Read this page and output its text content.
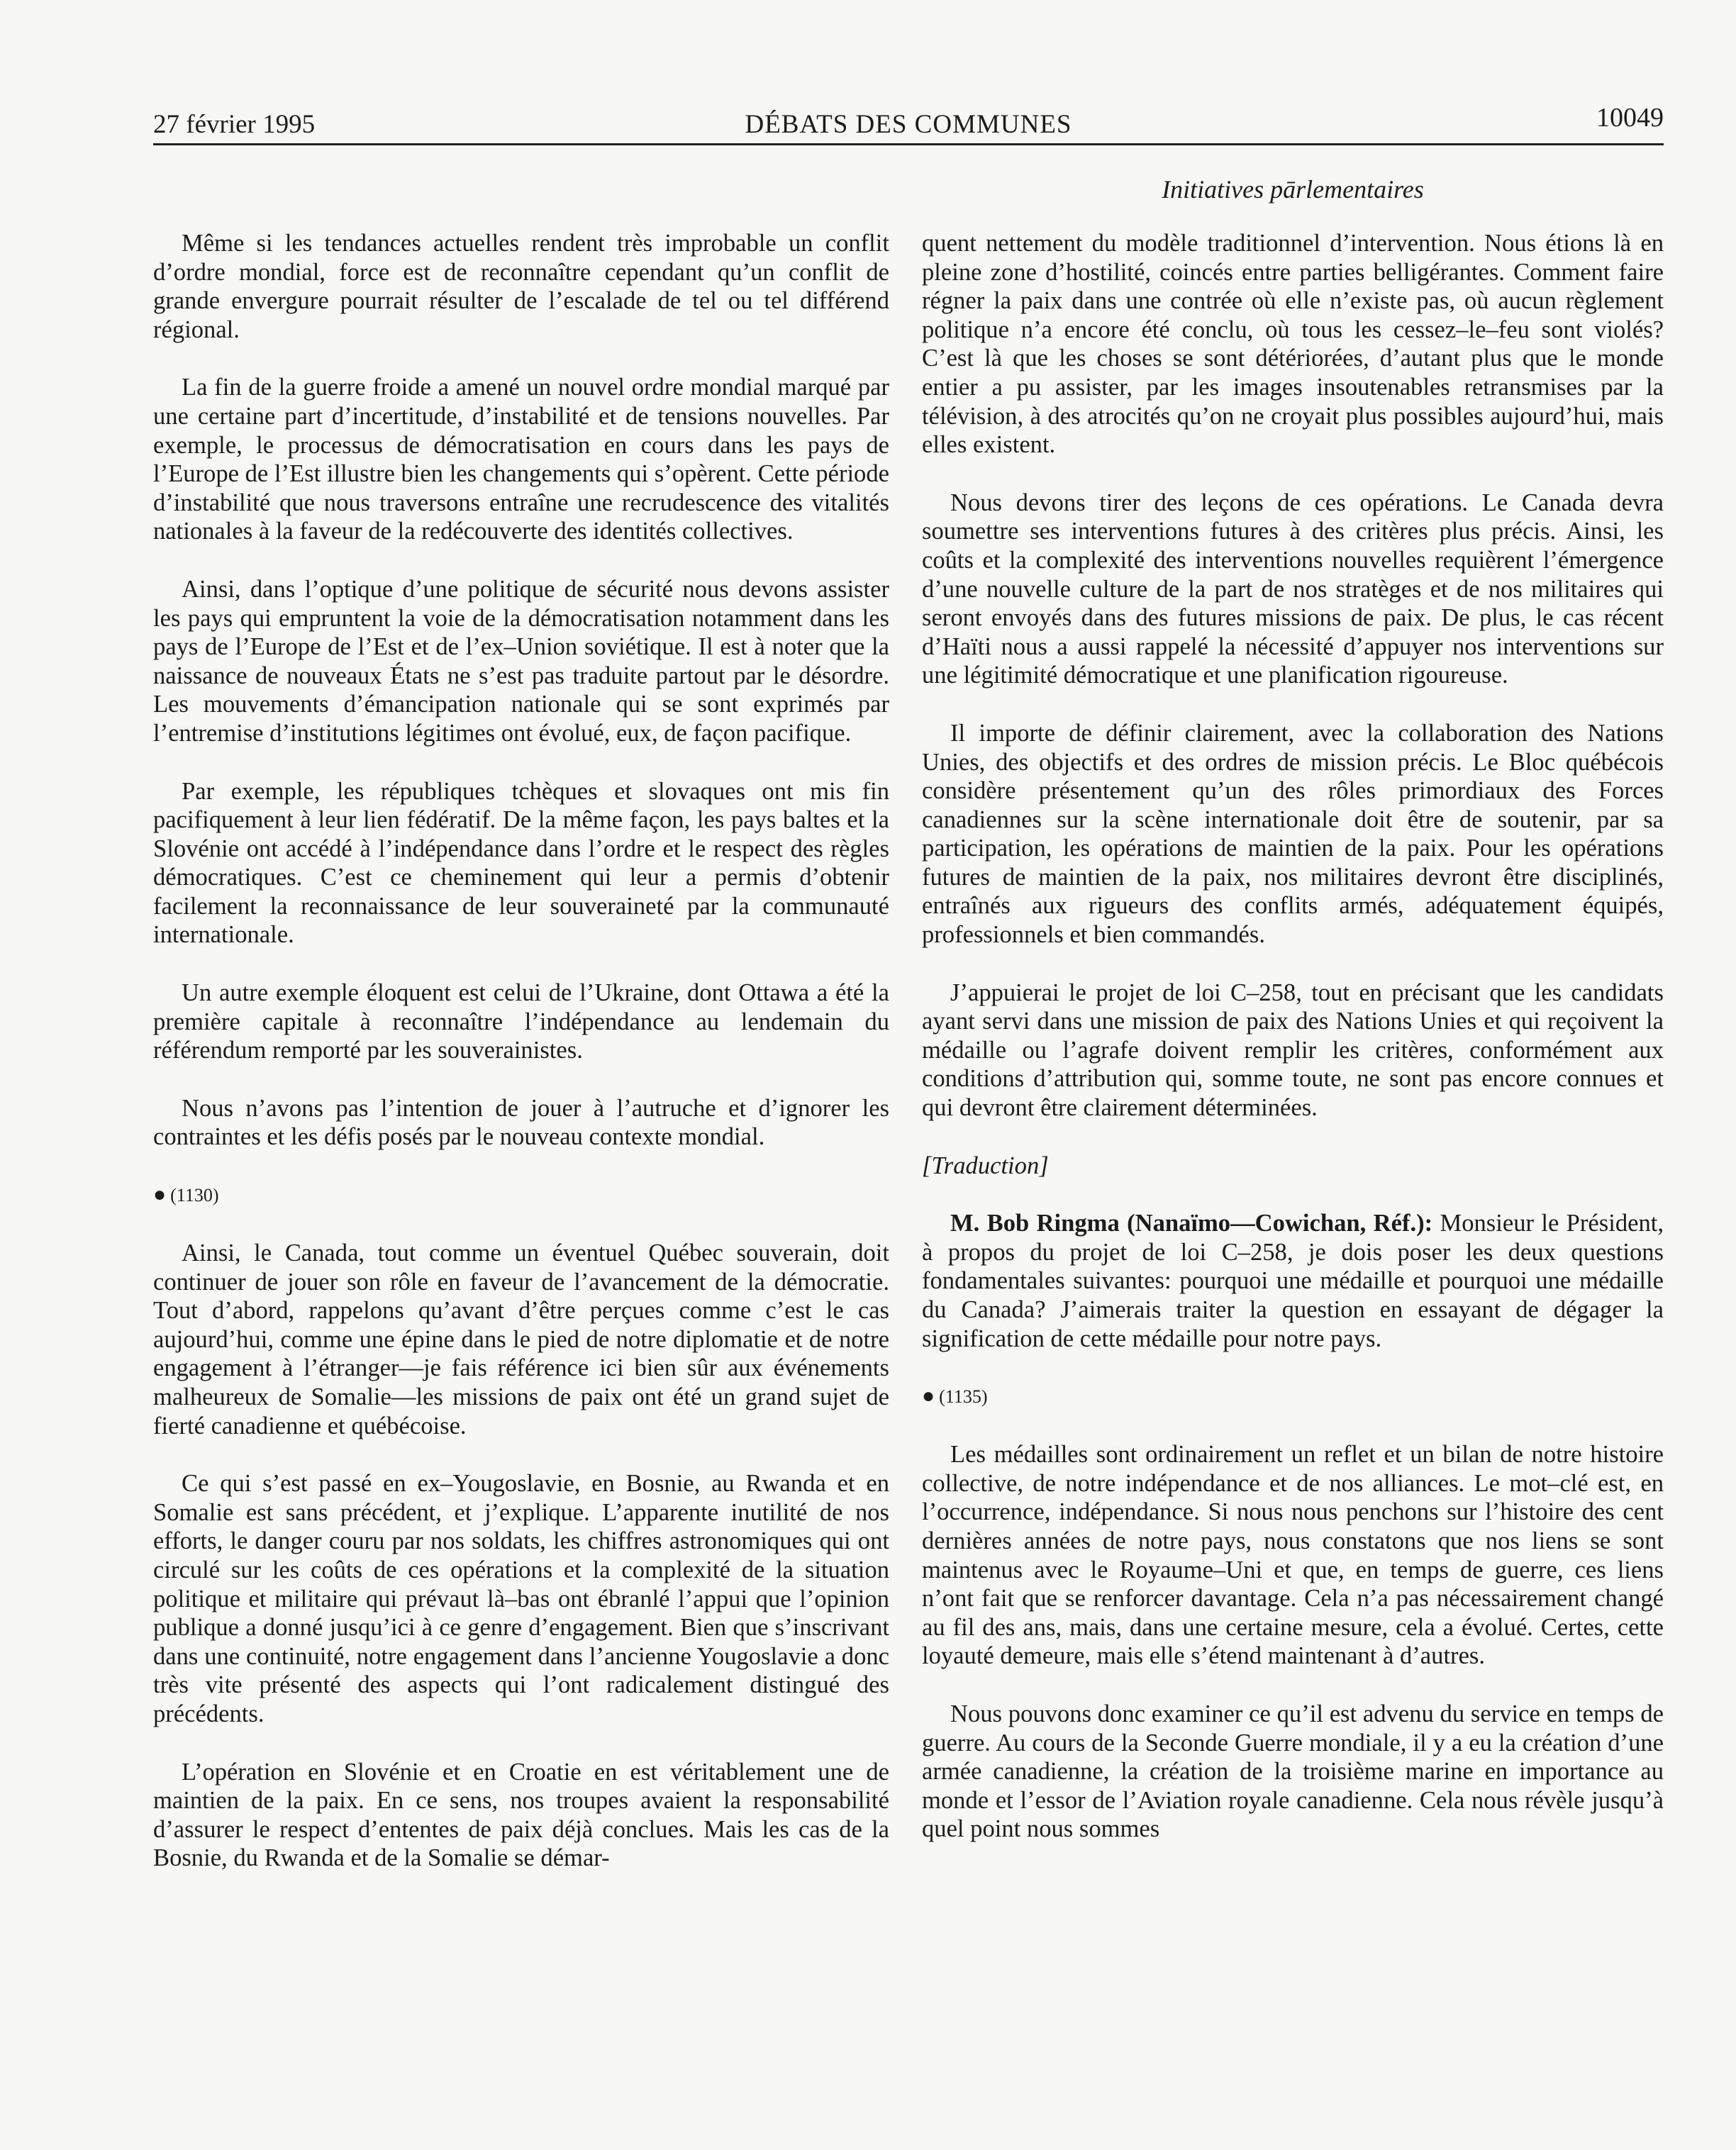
27 février 1995	DÉBATS DES COMMUNES	10049
Initiatives pārlementaires

Même si les tendances actuelles rendent très improbable un conflit d’ordre mondial, force est de reconnaître cependant qu’un conflit de grande envergure pourrait résulter de l’escalade de tel ou tel différend régional.

La fin de la guerre froide a amené un nouvel ordre mondial marqué par une certaine part d’incertitude, d’instabilité et de tensions nouvelles. Par exemple, le processus de démocratisation en cours dans les pays de l’Europe de l’Est illustre bien les changements qui s’opèrent. Cette période d’instabilité que nous traversons entraîne une recrudescence des vitalités nationales à la faveur de la redécouverte des identités collectives.

Ainsi, dans l’optique d’une politique de sécurité nous devons assister les pays qui empruntent la voie de la démocratisation notamment dans les pays de l’Europe de l’Est et de l’ex–Union soviétique. Il est à noter que la naissance de nouveaux États ne s’est pas traduite partout par le désordre. Les mouvements d’émancipation nationale qui se sont exprimés par l’entremise d’institutions légitimes ont évolué, eux, de façon pacifique.

Par exemple, les républiques tchèques et slovaques ont mis fin pacifiquement à leur lien fédératif. De la même façon, les pays baltes et la Slovénie ont accédé à l’indépendance dans l’ordre et le respect des règles démocratiques. C’est ce cheminement qui leur a permis d’obtenir facilement la reconnaissance de leur souveraineté par la communauté internationale.

Un autre exemple éloquent est celui de l’Ukraine, dont Ottawa a été la première capitale à reconnaître l’indépendance au lendemain du référendum remporté par les souverainistes.

Nous n’avons pas l’intention de jouer à l’autruche et d’ignorer les contraintes et les défis posés par le nouveau contexte mondial.

● (1130)

Ainsi, le Canada, tout comme un éventuel Québec souverain, doit continuer de jouer son rôle en faveur de l’avancement de la démocratie. Tout d’abord, rappelons qu’avant d’être perçues comme c’est le cas aujourd’hui, comme une épine dans le pied de notre diplomatie et de notre engagement à l’étranger—je fais référence ici bien sûr aux événements malheureux de Somalie—les missions de paix ont été un grand sujet de fierté canadienne et québécoise.

Ce qui s’est passé en ex–Yougoslavie, en Bosnie, au Rwanda et en Somalie est sans précédent, et j’explique. L’apparente inutilité de nos efforts, le danger couru par nos soldats, les chiffres astronomiques qui ont circulé sur les coûts de ces opérations et la complexité de la situation politique et militaire qui prévaut là–bas ont ébranlé l’appui que l’opinion publique a donné jusqu’ici à ce genre d’engagement. Bien que s’inscrivant dans une continuité, notre engagement dans l’ancienne Yougoslavie a donc très vite présenté des aspects qui l’ont radicalement distingué des précédents.

L’opération en Slovénie et en Croatie en est véritablement une de maintien de la paix. En ce sens, nos troupes avaient la responsabilité d’assurer le respect d’ententes de paix déjà conclues. Mais les cas de la Bosnie, du Rwanda et de la Somalie se démar-

quent nettement du modèle traditionnel d’intervention. Nous étions là en pleine zone d’hostilité, coincés entre parties belligérantes. Comment faire régner la paix dans une contrée où elle n’existe pas, où aucun règlement politique n’a encore été conclu, où tous les cessez–le–feu sont violés? C’est là que les choses se sont détériorées, d’autant plus que le monde entier a pu assister, par les images insoutenables retransmises par la télévision, à des atrocités qu’on ne croyait plus possibles aujourd’hui, mais elles existent.

Nous devons tirer des leçons de ces opérations. Le Canada devra soumettre ses interventions futures à des critères plus précis. Ainsi, les coûts et la complexité des interventions nouvelles requièrent l’émergence d’une nouvelle culture de la part de nos stratèges et de nos militaires qui seront envoyés dans des futures missions de paix. De plus, le cas récent d’Haïti nous a aussi rappelé la nécessité d’appuyer nos interventions sur une légitimité démocratique et une planification rigoureuse.

Il importe de définir clairement, avec la collaboration des Nations Unies, des objectifs et des ordres de mission précis. Le Bloc québécois considère présentement qu’un des rôles primordiaux des Forces canadiennes sur la scène internationale doit être de soutenir, par sa participation, les opérations de maintien de la paix. Pour les opérations futures de maintien de la paix, nos militaires devront être disciplinés, entraînés aux rigueurs des conflits armés, adéquatement équipés, professionnels et bien commandés.

J’appuierai le projet de loi C–258, tout en précisant que les candidats ayant servi dans une mission de paix des Nations Unies et qui reçoivent la médaille ou l’agrafe doivent remplir les critères, conformément aux conditions d’attribution qui, somme toute, ne sont pas encore connues et qui devront être clairement déterminées.

[Traduction]

M. Bob Ringma (Nanaïmo—Cowichan, Réf.): Monsieur le Président, à propos du projet de loi C–258, je dois poser les deux questions fondamentales suivantes: pourquoi une médaille et pourquoi une médaille du Canada? J’aimerais traiter la question en essayant de dégager la signification de cette médaille pour notre pays.

● (1135)

Les médailles sont ordinairement un reflet et un bilan de notre histoire collective, de notre indépendance et de nos alliances. Le mot–clé est, en l’occurrence, indépendance. Si nous nous penchons sur l’histoire des cent dernières années de notre pays, nous constatons que nos liens se sont maintenus avec le Royaume–Uni et que, en temps de guerre, ces liens n’ont fait que se renforcer davantage. Cela n’a pas nécessairement changé au fil des ans, mais, dans une certaine mesure, cela a évolué. Certes, cette loyauté demeure, mais elle s’étend maintenant à d’autres.

Nous pouvons donc examiner ce qu’il est advenu du service en temps de guerre. Au cours de la Seconde Guerre mondiale, il y a eu la création d’une armée canadienne, la création de la troisième marine en importance au monde et l’essor de l’Aviation royale canadienne. Cela nous révèle jusqu’à quel point nous sommes
